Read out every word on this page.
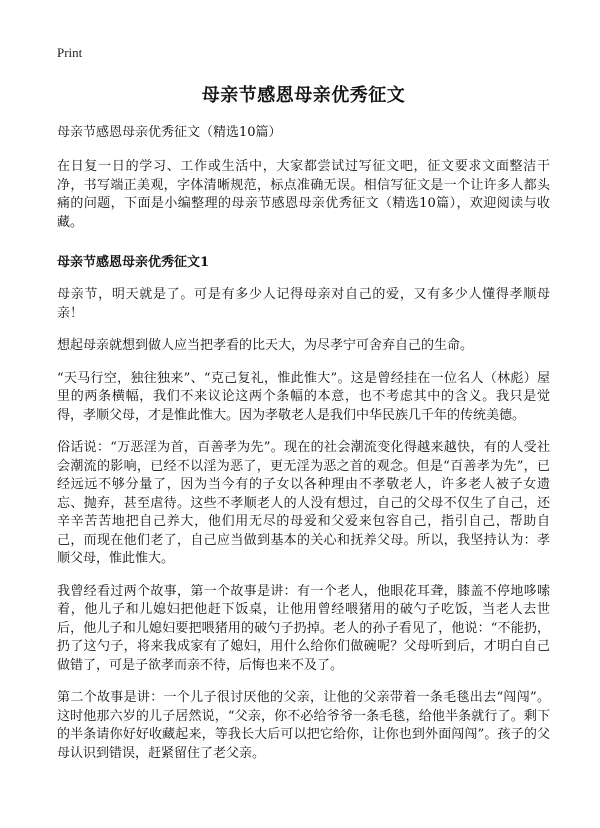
Print
母亲节感恩母亲优秀征文
母亲节感恩母亲优秀征文（精选10篇）

在日复一日的学习、工作或生活中，大家都尝试过写征文吧，征文要求文面整洁干净，书写端正美观，字体清晰规范，标点准确无误。相信写征文是一个让许多人都头痛的问题，下面是小编整理的母亲节感恩母亲优秀征文（精选10篇），欢迎阅读与收藏。

母亲节感恩母亲优秀征文1

母亲节，明天就是了。可是有多少人记得母亲对自己的爱，又有多少人懂得孝顺母亲！

想起母亲就想到做人应当把孝看的比天大，为尽孝宁可舍弃自己的生命。

“天马行空，独往独来”、“克己复礼，惟此惟大”。这是曾经挂在一位名人（林彪）屋里的两条横幅，我们不来议论这两个条幅的本意，也不考虑其中的含义。我只是觉得，孝顺父母，才是惟此惟大。因为孝敬老人是我们中华民族几千年的传统美德。

俗话说：“万恶淫为首，百善孝为先”。现在的社会潮流变化得越来越快，有的人受社会潮流的影响，已经不以淫为恶了，更无淫为恶之首的观念。但是“百善孝为先”，已经远远不够分量了，因为当今有的子女以各种理由不孝敬老人，许多老人被子女遗忘、抛弃，甚至虐待。这些不孝顺老人的人没有想过，自己的父母不仅生了自己，还辛辛苦苦地把自己养大，他们用无尽的母爱和父爱来包容自己，指引自己，帮助自己，而现在他们老了，自己应当做到基本的关心和抚养父母。所以，我坚持认为：孝顺父母，惟此惟大。

我曾经看过两个故事，第一个故事是讲：有一个老人，他眼花耳聋，膝盖不停地哆嗦着，他儿子和儿媳妇把他赶下饭桌，让他用曾经喂猪用的破勺子吃饭，当老人去世后，他儿子和儿媳妇要把喂猪用的破勺子扔掉。老人的孙子看见了，他说：“不能扔，扔了这勺子，将来我成家有了媳妇，用什么给你们做碗呢？父母听到后，才明白自己做错了，可是子欲孝而亲不待，后悔也来不及了。

第二个故事是讲：一个儿子很讨厌他的父亲，让他的父亲带着一条毛毯出去“闯闯”。这时他那六岁的儿子居然说，“父亲，你不必给爷爷一条毛毯，给他半条就行了。剩下的半条请你好好收藏起来，等我长大后可以把它给你，让你也到外面闯闯”。孩子的父母认识到错误，赶紧留住了老父亲。
